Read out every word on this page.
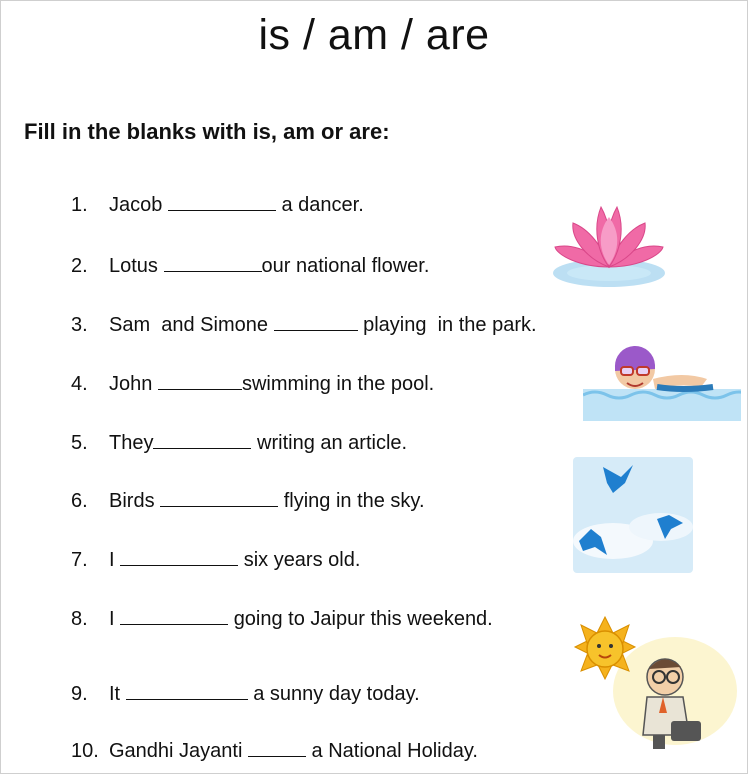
is / am / are
Fill in the blanks with is, am or are:
1. Jacob	a dancer.
2. Lotus	our national flower.
3. Sam  and Simone	playing  in the park.
4. John	swimming in the pool.
5. They	writing an article.
6. Birds	flying in the sky.
7. I	six years old.
8. I	going to Jaipur this weekend.
9. It	a sunny day today.
10. Gandhi Jayanti	a National Holiday.
